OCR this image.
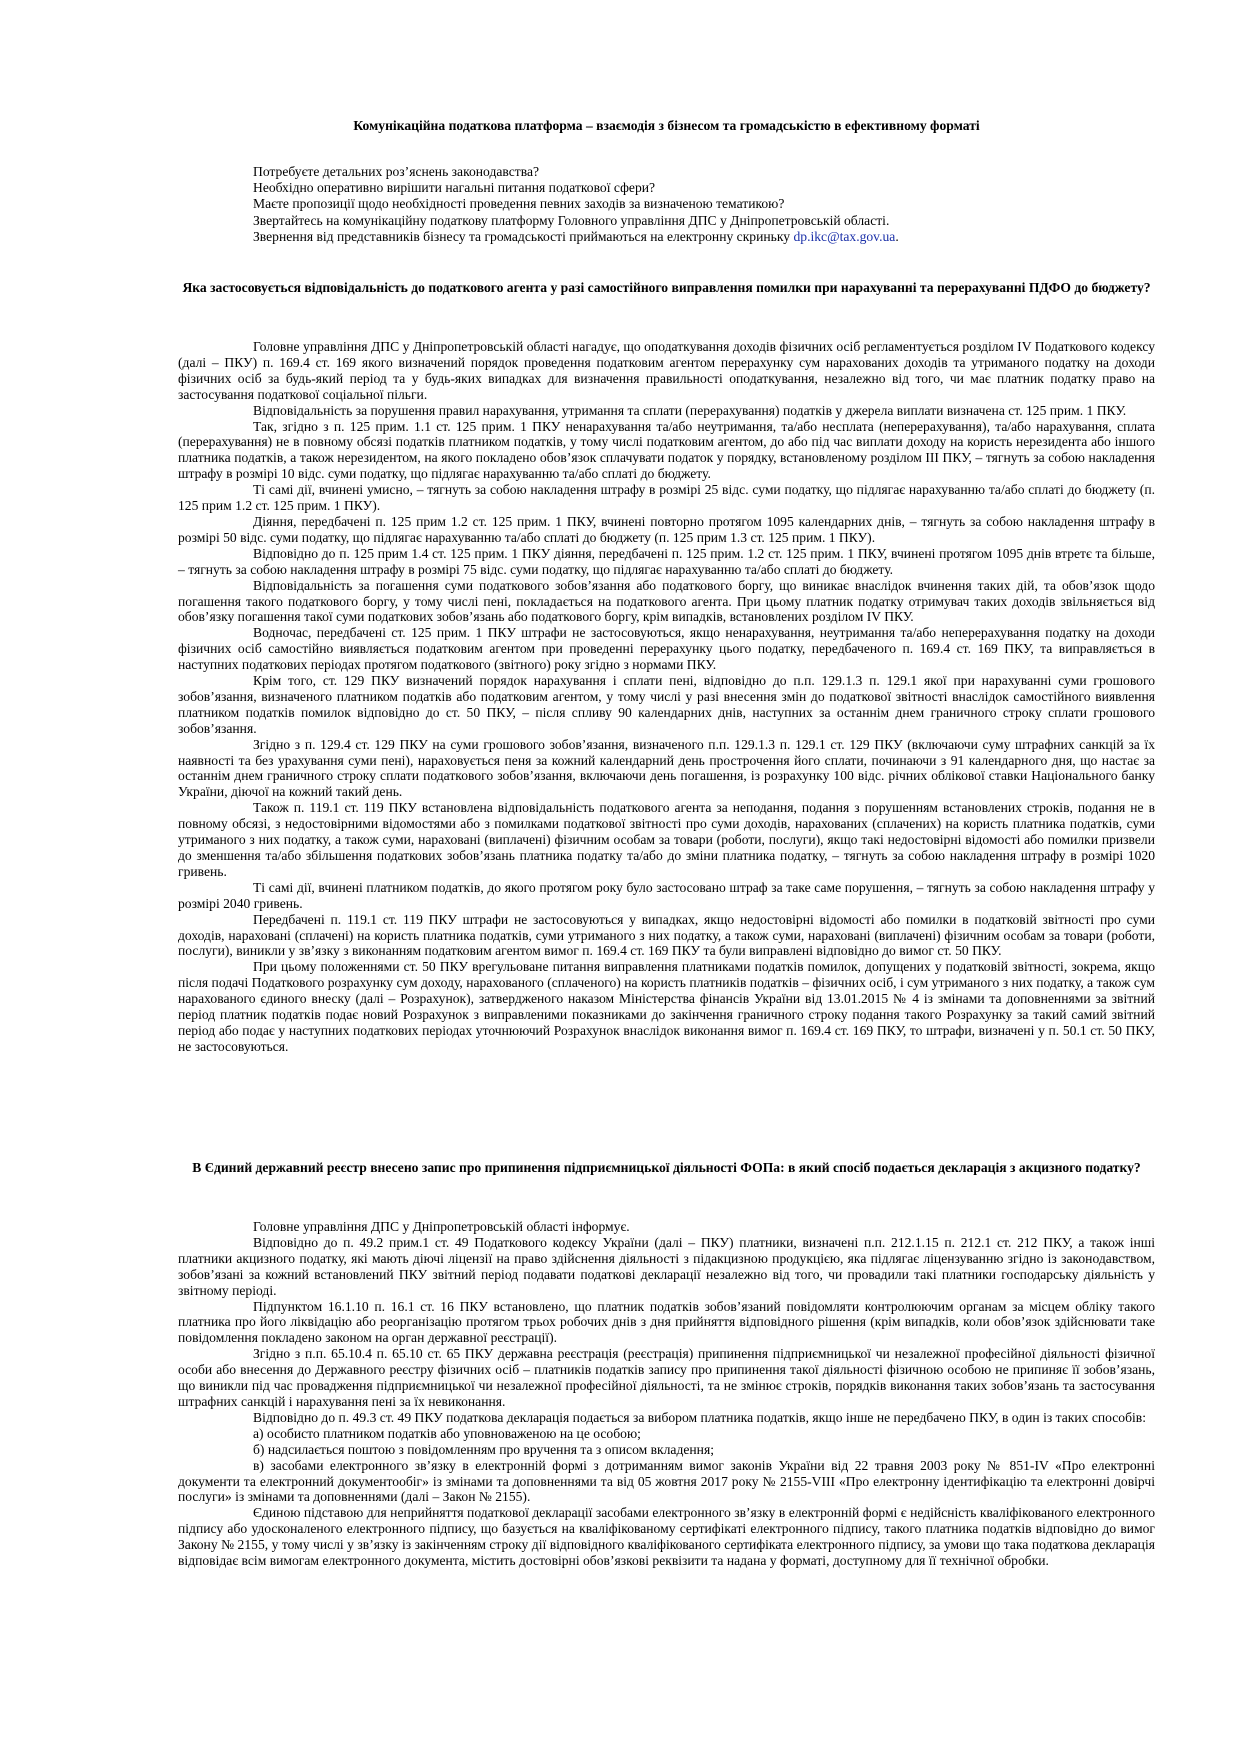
Комунікаційна податкова платформа – взаємодія з бізнесом та громадськістю в ефективному форматі
Потребуєте детальних роз’яснень законодавства?
Необхідно оперативно вирішити нагальні питання податкової сфери?
Маєте пропозиції щодо необхідності проведення певних заходів за визначеною тематикою?
Звертайтесь на комунікаційну податкову платформу Головного управління ДПС у Дніпропетровській області.
Звернення від представників бізнесу та громадськості приймаються на електронну скриньку dp.ikc@tax.gov.ua.
Яка застосовується відповідальність до податкового агента у разі самостійного виправлення помилки при нарахуванні та перерахуванні ПДФО до бюджету?

Головне управління ДПС у Дніпропетровській області нагадує, що оподаткування доходів фізичних осіб регламентується розділом IV Податкового кодексу (далі – ПКУ) п. 169.4 ст. 169 якого визначений порядок проведення податковим агентом перерахунку сум нарахованих доходів та утриманого податку на доходи фізичних осіб за будь-який період та у будь-яких випадках для визначення правильності оподаткування, незалежно від того, чи має платник податку право на застосування податкової соціальної пільги.

Відповідальність за порушення правил нарахування, утримання та сплати (перерахування) податків у джерела виплати визначена ст. 125 прим. 1 ПКУ.

Так, згідно з п. 125 прим. 1.1 ст. 125 прим. 1 ПКУ ненарахування та/або неутримання, та/або несплата (неперерахування), та/або нарахування, сплата (перерахування) не в повному обсязі податків платником податків, у тому числі податковим агентом, до або під час виплати доходу на користь нерезидента або іншого платника податків, а також нерезидентом, на якого покладено обов’язок сплачувати податок у порядку, встановленому розділом III ПКУ, – тягнуть за собою накладення штрафу в розмірі 10 відс. суми податку, що підлягає нарахуванню та/або сплаті до бюджету.

Ті самі дії, вчинені умисно, – тягнуть за собою накладення штрафу в розмірі 25 відс. суми податку, що підлягає нарахуванню та/або сплаті до бюджету (п. 125 прим 1.2 ст. 125 прим. 1 ПКУ).

Діяння, передбачені п. 125 прим 1.2 ст. 125 прим. 1 ПКУ, вчинені повторно протягом 1095 календарних днів, – тягнуть за собою накладення штрафу в розмірі 50 відс. суми податку, що підлягає нарахуванню та/або сплаті до бюджету (п. 125 прим 1.3 ст. 125 прим. 1 ПКУ).

Відповідно до п. 125 прим 1.4 ст. 125 прим. 1 ПКУ діяння, передбачені п. 125 прим. 1.2 ст. 125 прим. 1 ПКУ, вчинені протягом 1095 днів втретє та більше, – тягнуть за собою накладення штрафу в розмірі 75 відс. суми податку, що підлягає нарахуванню та/або сплаті до бюджету.

Відповідальність за погашення суми податкового зобов’язання або податкового боргу, що виникає внаслідок вчинення таких дій, та обов’язок щодо погашення такого податкового боргу, у тому числі пені, покладається на податкового агента. При цьому платник податку отримувач таких доходів звільняється від обов’язку погашення такої суми податкових зобов’язань або податкового боргу, крім випадків, встановлених розділом IV ПКУ.

Водночас, передбачені ст. 125 прим. 1 ПКУ штрафи не застосовуються, якщо ненарахування, неутримання та/або неперерахування податку на доходи фізичних осіб самостійно виявляється податковим агентом при проведенні перерахунку цього податку, передбаченого п. 169.4 ст. 169 ПКУ, та виправляється в наступних податкових періодах протягом податкового (звітного) року згідно з нормами ПКУ.

Крім того, ст. 129 ПКУ визначений порядок нарахування і сплати пені, відповідно до п.п. 129.1.3 п. 129.1 якої при нарахуванні суми грошового зобов’язання, визначеного платником податків або податковим агентом, у тому числі у разі внесення змін до податкової звітності внаслідок самостійного виявлення платником податків помилок відповідно до ст. 50 ПКУ, – після спливу 90 календарних днів, наступних за останнім днем граничного строку сплати грошового зобов’язання.

Згідно з п. 129.4 ст. 129 ПКУ на суми грошового зобов’язання, визначеного п.п. 129.1.3 п. 129.1 ст. 129 ПКУ (включаючи суму штрафних санкцій за їх наявності та без урахування суми пені), нараховується пеня за кожний календарний день прострочення його сплати, починаючи з 91 календарного дня, що настає за останнім днем граничного строку сплати податкового зобов’язання, включаючи день погашення, із розрахунку 100 відс. річних облікової ставки Національного банку України, діючої на кожний такий день.

Також п. 119.1 ст. 119 ПКУ встановлена відповідальність податкового агента за неподання, подання з порушенням встановлених строків, подання не в повному обсязі, з недостовірними відомостями або з помилками податкової звітності про суми доходів, нарахованих (сплачених) на користь платника податків, суми утриманого з них податку, а також суми, нараховані (виплачені) фізичним особам за товари (роботи, послуги), якщо такі недостовірні відомості або помилки призвели до зменшення та/або збільшення податкових зобов’язань платника податку та/або до зміни платника податку, – тягнуть за собою накладення штрафу в розмірі 1020 гривень.

Ті самі дії, вчинені платником податків, до якого протягом року було застосовано штраф за таке саме порушення, – тягнуть за собою накладення штрафу у розмірі 2040 гривень.

Передбачені п. 119.1 ст. 119 ПКУ штрафи не застосовуються у випадках, якщо недостовірні відомості або помилки в податковій звітності про суми доходів, нараховані (сплачені) на користь платника податків, суми утриманого з них податку, а також суми, нараховані (виплачені) фізичним особам за товари (роботи, послуги), виникли у зв’язку з виконанням податковим агентом вимог п. 169.4 ст. 169 ПКУ та були виправлені відповідно до вимог ст. 50 ПКУ.

При цьому положеннями ст. 50 ПКУ врегульоване питання виправлення платниками податків помилок, допущених у податковій звітності, зокрема, якщо після подачі Податкового розрахунку сум доходу, нарахованого (сплаченого) на користь платників податків – фізичних осіб, і сум утриманого з них податку, а також сум нарахованого єдиного внеску (далі – Розрахунок), затвердженого наказом Міністерства фінансів України від 13.01.2015 № 4 із змінами та доповненнями за звітний період платник податків подає новий Розрахунок з виправленими показниками до закінчення граничного строку подання такого Розрахунку за такий самий звітний період або подає у наступних податкових періодах уточнюючий Розрахунок внаслідок виконання вимог п. 169.4 ст. 169 ПКУ, то штрафи, визначені у п. 50.1 ст. 50 ПКУ, не застосовуються.

В Єдиний державний реєстр внесено запис про припинення підприємницької діяльності ФОПа: в який спосіб подається декларація з акцизного податку?

Головне управління ДПС у Дніпропетровській області інформує.

Відповідно до п. 49.2 прим.1 ст. 49 Податкового кодексу України (далі – ПКУ) платники, визначені п.п. 212.1.15 п. 212.1 ст. 212 ПКУ, а також інші платники акцизного податку, які мають діючі ліцензії на право здійснення діяльності з підакцизною продукцією, яка підлягає ліцензуванню згідно із законодавством, зобов’язані за кожний встановлений ПКУ звітний період подавати податкові декларації незалежно від того, чи провадили такі платники господарську діяльність у звітному періоді.

Підпунктом 16.1.10 п. 16.1 ст. 16 ПКУ встановлено, що платник податків зобов’язаний повідомляти контролюючим органам за місцем обліку такого платника про його ліквідацію або реорганізацію протягом трьох робочих днів з дня прийняття відповідного рішення (крім випадків, коли обов’язок здійснювати таке повідомлення покладено законом на орган державної реєстрації).

Згідно з п.п. 65.10.4 п. 65.10 ст. 65 ПКУ державна реєстрація (реєстрація) припинення підприємницької чи незалежної професійної діяльності фізичної особи або внесення до Державного реєстру фізичних осіб – платників податків запису про припинення такої діяльності фізичною особою не припиняє її зобов’язань, що виникли під час провадження підприємницької чи незалежної професійної діяльності, та не змінює строків, порядків виконання таких зобов’язань та застосування штрафних санкцій і нарахування пені за їх невиконання.

Відповідно до п. 49.3 ст. 49 ПКУ податкова декларація подається за вибором платника податків, якщо інше не передбачено ПКУ, в один із таких способів:

а) особисто платником податків або уповноваженою на це особою;

б) надсилається поштою з повідомленням про вручення та з описом вкладення;

в) засобами електронного зв’язку в електронній формі з дотриманням вимог законів України від 22 травня 2003 року № 851-IV «Про електронні документи та електронний документообіг» із змінами та доповненнями та від 05 жовтня 2017 року № 2155-VIII «Про електронну ідентифікацію та електронні довірчі послуги» із змінами та доповненнями (далі – Закон № 2155).

Єдиною підставою для неприйняття податкової декларації засобами електронного зв’язку в електронній формі є недійсність кваліфікованого електронного підпису або удосконаленого електронного підпису, що базується на кваліфікованому сертифікаті електронного підпису, такого платника податків відповідно до вимог Закону № 2155, у тому числі у зв’язку із закінченням строку дії відповідного кваліфікованого сертифіката електронного підпису, за умови що така податкова декларація відповідає всім вимогам електронного документа, містить достовірні обов’язкові реквізити та надана у форматі, доступному для її технічної обробки.
